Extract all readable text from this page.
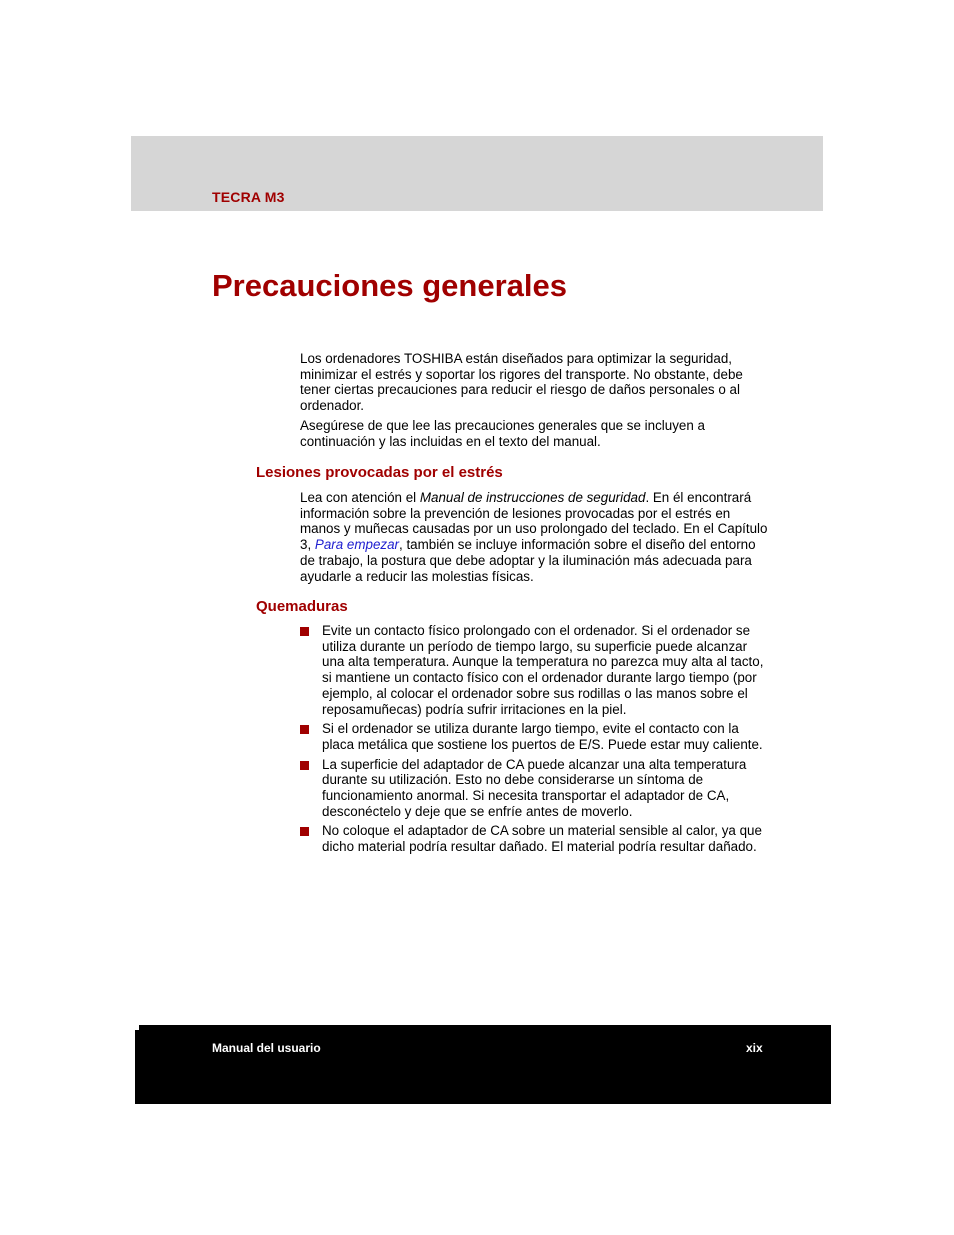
TECRA M3
Precauciones generales

Los ordenadores TOSHIBA están diseñados para optimizar la seguridad, minimizar el estrés y soportar los rigores del transporte. No obstante, debe tener ciertas precauciones para reducir el riesgo de daños personales o al ordenador.

Asegúrese de que lee las precauciones generales que se incluyen a continuación y las incluidas en el texto del manual.

Lesiones provocadas por el estrés

Lea con atención el Manual de instrucciones de seguridad. En él encontrará información sobre la prevención de lesiones provocadas por el estrés en manos y muñecas causadas por un uso prolongado del teclado. En el Capítulo 3, Para empezar, también se incluye información sobre el diseño del entorno de trabajo, la postura que debe adoptar y la iluminación más adecuada para ayudarle a reducir las molestias físicas.

Quemaduras
Evite un contacto físico prolongado con el ordenador. Si el ordenador se utiliza durante un período de tiempo largo, su superficie puede alcanzar una alta temperatura. Aunque la temperatura no parezca muy alta al tacto, si mantiene un contacto físico con el ordenador durante largo tiempo (por ejemplo, al colocar el ordenador sobre sus rodillas o las manos sobre el reposamuñecas) podría sufrir irritaciones en la piel.
Si el ordenador se utiliza durante largo tiempo, evite el contacto con la placa metálica que sostiene los puertos de E/S. Puede estar muy caliente.
La superficie del adaptador de CA puede alcanzar una alta temperatura durante su utilización. Esto no debe considerarse un síntoma de funcionamiento anormal. Si necesita transportar el adaptador de CA, desconéctelo y deje que se enfríe antes de moverlo.
No coloque el adaptador de CA sobre un material sensible al calor, ya que dicho material podría resultar dañado. El material podría resultar dañado.
Manual del usuario	xix
